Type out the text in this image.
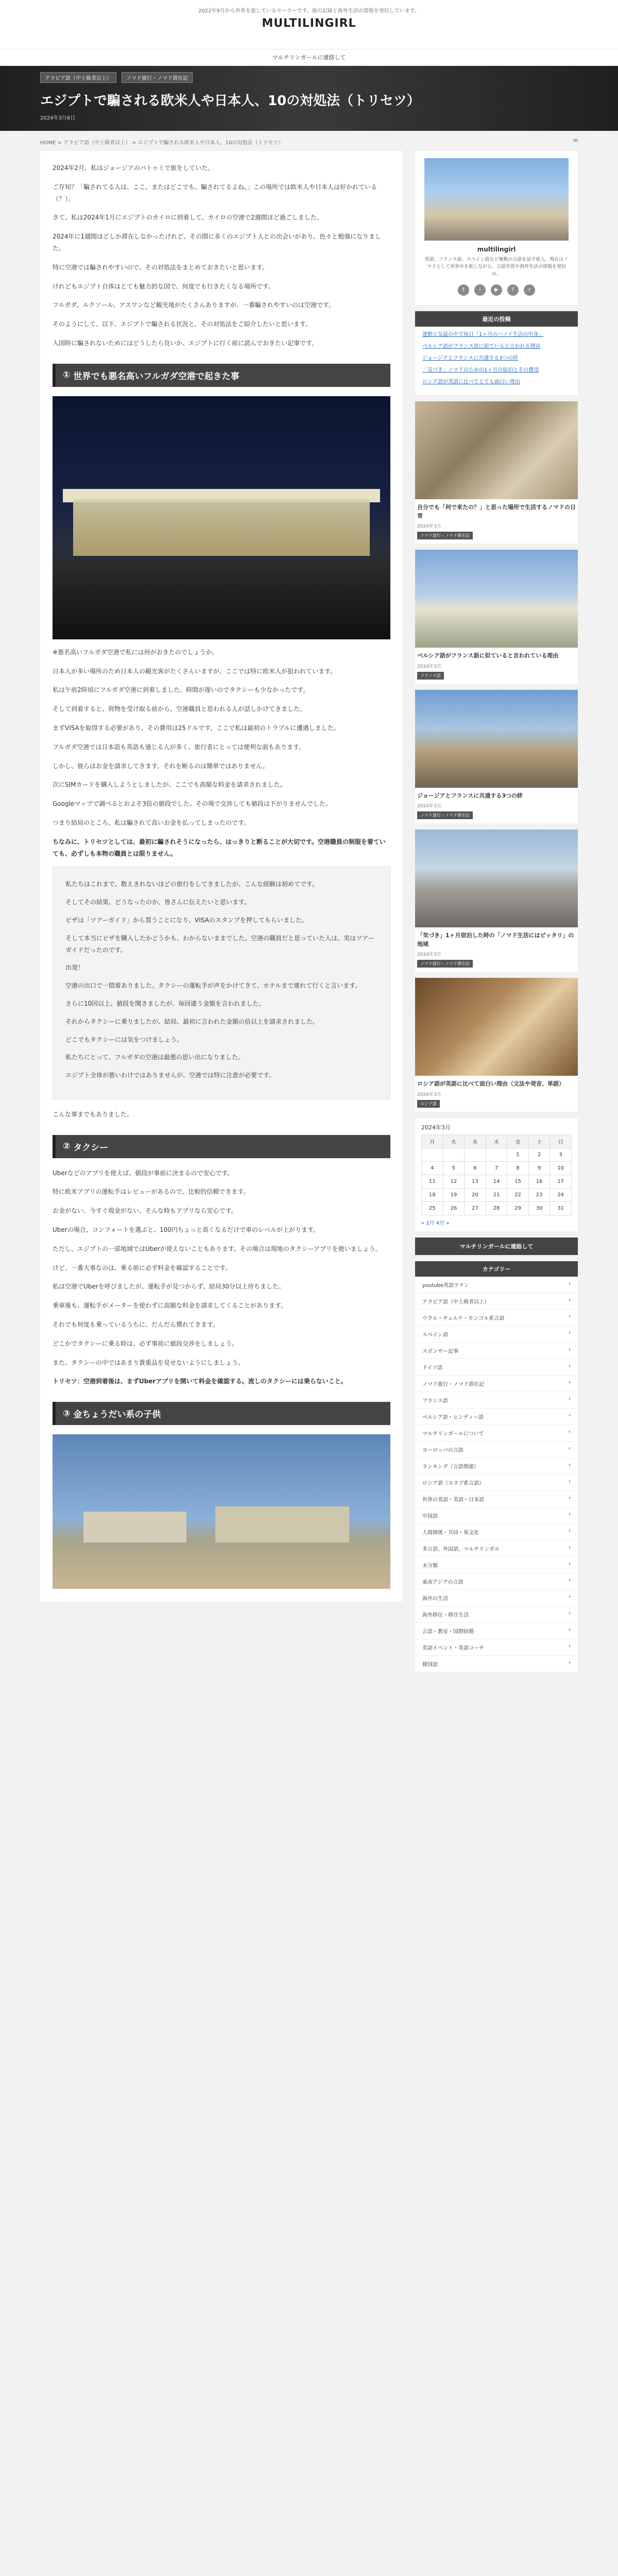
2022年9月から世界を旅しているセーラーです。旅の記録と海外生活の情報を発信しています。
MULTILINGIRL
マルチリンガールに連絡して
アラビア語（中上級者以上）	ノマド旅行・ノマド滞在記
エジプトで騙される欧米人や日本人、10の対処法（トリセツ）
2024年3月6日
HOME > アラビア語（中上級者以上） > エジプトで騙される欧米人や日本人、10の対処法（トリセツ）	✉

2024年2月、私はジョージアのバトゥミで旅をしていた。

ご存知？「騙されてる人は、ここ、またはどこでも、騙されてるよね。」この場所では欧米人や日本人は好かれている（？）。

さて、私は2024年1月にエジプトのカイロに到着して、カイロの空港で2週間ほど過ごしました。

2024年に1週間ほどしか滞在しなかったけれど、その間に多くのエジプト人との出会いがあり、色々と勉強になりました。

特に空港では騙されやすいので、その対処法をまとめておきたいと思います。

けれどもエジプト自体はとても魅力的な国で、何度でも行きたくなる場所です。

フルガダ、ルクソール、アスワンなど観光地がたくさんありますが、一番騙されやすいのは空港です。

そのようにして、以下、エジプトで騙される状況と、その対処法をご紹介したいと思います。

入国時に騙されないためにはどうしたら良いか、エジプトに行く前に読んでおきたい記事です。

① 世界でも悪名高いフルガダ空港で起きた事

※悪名高いフルガダ空港で私には何がおきたのでしょうか。

日本人が多い場所のため日本人の観光客がたくさんいますが、ここでは特に欧米人が狙われています。

私は午前2時頃にフルガダ空港に到着しました。時間が遅いのでタクシーも少なかったです。

そして到着すると、荷物を受け取る前から、空港職員と思われる人が話しかけてきました。

まずVISAを取得する必要があり、その費用は25ドルです。ここで私は最初のトラブルに遭遇しました。

フルガダ空港では日本語も英語も通じる人が多く、旅行者にとっては便利な面もあります。

しかし、彼らはお金を請求してきます。それを断るのは簡単ではありません。

次にSIMカードを購入しようとしましたが、ここでも高額な料金を請求されました。

Googleマップで調べるとおよそ3倍の値段でした。その場で交渉しても値段は下がりませんでした。

つまり結局のところ、私は騙されて高いお金を払ってしまったのです。

ちなみに、トリセツとしては、最初に騙されそうになったら、はっきりと断ることが大切です。空港職員の制服を着ていても、必ずしも本物の職員とは限りません。

私たちはこれまで、数えきれないほどの旅行をしてきましたが、こんな経験は初めてです。

そしてその結果、どうなったのか、皆さんに伝えたいと思います。

ビザは「ツアーガイド」から買うことになり、VISAのスタンプを押してもらいました。

そして本当にビザを購入したかどうかも、わからないままでした。空港の職員だと思っていた人は、実はツアーガイドだったのです。

出発！

空港の出口で一悶着ありました。タクシーの運転手が声をかけてきて、ホテルまで連れて行くと言います。

さらに10回以上、値段を聞きましたが、毎回違う金額を言われました。

それからタクシーに乗りましたが、結局、最初に言われた金額の倍以上を請求されました。

どこでもタクシーには気をつけましょう。

私たちにとって、フルガダの空港は最悪の思い出になりました。

エジプト全体が悪いわけではありませんが、空港では特に注意が必要です。

こんな事までもありました。

② タクシー

Uberなどのアプリを使えば、値段が事前に決まるので安心です。

特に欧米アプリの運転手はレビューがあるので、比較的信頼できます。

お金がない、今すぐ現金がない、そんな時もアプリなら安心です。

Uberの場合、コンフォートを選ぶと、100円ちょっと高くなるだけで車のレベルが上がります。

ただし、エジプトの一部地域ではUberが使えないこともあります。その場合は現地のタクシーアプリを使いましょう。

けど、一番大事なのは、乗る前に必ず料金を確認することです。

私は空港でUberを呼びましたが、運転手が見つからず、結局30分以上待ちました。

乗車後も、運転手がメーターを使わずに高額な料金を請求してくることがあります。

それでも何度も乗っているうちに、だんだん慣れてきます。

どこかでタクシーに乗る時は、必ず事前に値段交渉をしましょう。

また、タクシーの中ではあまり貴重品を見せないようにしましょう。

トリセツ：空港到着後は、まずUberアプリを開いて料金を確認する。流しのタクシーには乗らないこと。

③ 金ちょうだい系の子供
multilingirl
英語、フランス語、スペイン語など複数の言語を話す旅人。現在はノマドとして世界中を旅しながら、言語学習や海外生活の情報を発信中。
t	i	▶	f	r
最近の投稿
運動と気温の中で毎日「1ヶ月のハノイ生活の中身」
ベルシア語がフランス語に似ていると言われる理由
ジョージアとフランスに共通する3つの絆
「気づき」ノマドのための1ヶ月の宿泊とその費用
ロシア語が英語に比べてとても面白い理由
自分でも「何で来たの？」と思った場所で生活するノマドの日常
2024年3月
ノマド旅行・ノマド滞在記
ベルシア語がフランス語に似ていると言われている理由
2024年3月
フランス語
ジョージアとフランスに共通する3つの絆
2024年3月
ノマド旅行・ノマド滞在記
「気づき」1ヶ月宿泊した時の「ノマド生活にはピッタリ」の地域
2024年3月
ノマド旅行・ノマド滞在記
ロシア語が英語に比べて面白い理由（文法や発音、単語）
2024年3月
ロシア語
2024年3月
月	火	水	木	金	土	日
				1	2	3
4	5	6	7	8	9	10
11	12	13	14	15	16	17
18	19	20	21	22	23	24
25	26	27	28	29	30	31
« 2月 4月 »
マルチリンガールに連絡して
カテゴリー
youtube英語ラテン	›
アラビア語（中上級者以上）	›
ウクル・チェルケ・モンゴル系言語	›
スペイン語	›
スポンサー記事	›
ドイツ語	›
ノマド旅行・ノマド滞在記	›
フランス語	›
ペルシア語・ヒンディー語	›
マルチリンガールについて	›
ヨーロッパの言語	›
ランキング（言語関連）	›
ロシア語（スラブ系言語）	›
世界の英語・英語・日本語	›
中国語	›
人間関係・共同・異文化	›
多言語、外国語、マルチリンガル	›
未分類	›
東南アジアの言語	›
海外の生活	›
海外移住・移住生活	›
言語・教室・国際結婚	›
英語イベント・英語コーチ	›
韓国語	›
